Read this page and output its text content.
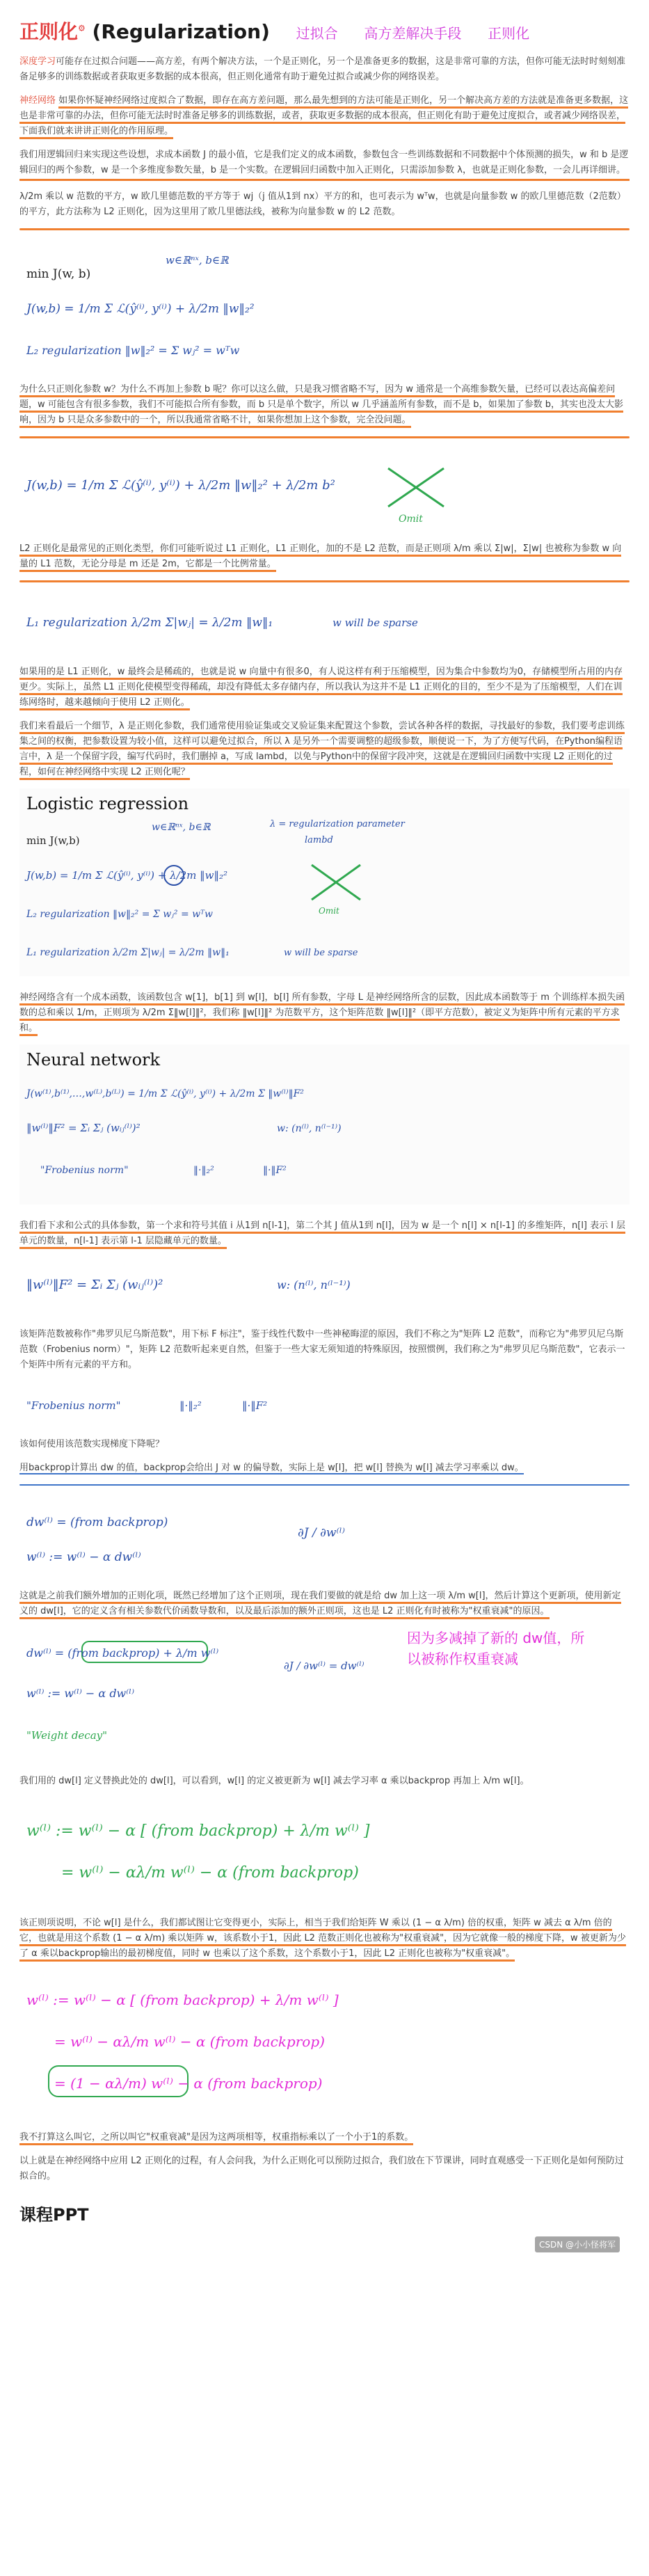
正则化⚙ (Regularization) 过拟合 高方差解决手段 正则化

深度学习可能存在过拟合问题——高方差，有两个解决方法，一个是正则化，另一个是准备更多的数据，这是非常可靠的方法，但你可能无法时时刻刻准备足够多的训练数据或者获取更多数据的成本很高，但正则化通常有助于避免过拟合或减少你的网络误差。

神经网络 如果你怀疑神经网络过度拟合了数据，即存在高方差问题，那么最先想到的方法可能是正则化，另一个解决高方差的方法就是准备更多数据，这也是非常可靠的办法，但你可能无法时时准备足够多的训练数据，或者，获取更多数据的成本很高，但正则化有助于避免过度拟合，或者减少网络误差，下面我们就来讲讲正则化的作用原理。

我们用逻辑回归来实现这些设想，求成本函数 J 的最小值，它是我们定义的成本函数，参数包含一些训练数据和不同数据中个体预测的损失，w 和 b 是逻辑回归的两个参数，w 是一个多维度参数矢量，b 是一个实数。在逻辑回归函数中加入正则化，只需添加参数 λ，也就是正则化参数，一会儿再详细讲。

λ/2m 乘以 w 范数的平方，w 欧几里德范数的平方等于 wj（j 值从1到 nx）平方的和，也可表示为 wᵀw，也就是向量参数 w 的欧几里德范数（2范数）的平方，此方法称为 L2 正则化，因为这里用了欧几里德法线，被称为向量参数 w 的 L2 范数。

min J(w, b)
w∈ℝⁿˣ, b∈ℝ
J(w,b) = 1/m Σ ℒ(ŷ⁽ⁱ⁾, y⁽ⁱ⁾) + λ/2m ‖w‖₂²
L₂ regularization ‖w‖₂² = Σ wⱼ² = wᵀw

为什么只正则化参数 w？为什么不再加上参数 b 呢？你可以这么做，只是我习惯省略不写，因为 w 通常是一个高维参数矢量，已经可以表达高偏差问题，w 可能包含有很多参数，我们不可能拟合所有参数，而 b 只是单个数字，所以 w 几乎涵盖所有参数，而不是 b，如果加了参数 b，其实也没太大影响，因为 b 只是众多参数中的一个，所以我通常省略不计，如果你想加上这个参数，完全没问题。

J(w,b) = 1/m Σ ℒ(ŷ⁽ⁱ⁾, y⁽ⁱ⁾) + λ/2m ‖w‖₂² + λ/2m b²
Omit

L2 正则化是最常见的正则化类型，你们可能听说过 L1 正则化，L1 正则化，加的不是 L2 范数，而是正则项 λ/m 乘以 Σ|w|，Σ|w| 也被称为参数 w 向量的 L1 范数，无论分母是 m 还是 2m，它都是一个比例常量。

L₁ regularization λ/2m Σ|wⱼ| = λ/2m ‖w‖₁	w will be sparse

如果用的是 L1 正则化，w 最终会是稀疏的，也就是说 w 向量中有很多0，有人说这样有利于压缩模型，因为集合中参数均为0，存储模型所占用的内存更少。实际上，虽然 L1 正则化使模型变得稀疏，却没有降低太多存储内存，所以我认为这并不是 L1 正则化的目的，至少不是为了压缩模型，人们在训练网络时，越来越倾向于使用 L2 正则化。

我们来看最后一个细节，λ 是正则化参数，我们通常使用验证集或交叉验证集来配置这个参数，尝试各种各样的数据，寻找最好的参数，我们要考虑训练集之间的权衡，把参数设置为较小值，这样可以避免过拟合，所以 λ 是另外一个需要调整的超级参数，顺便说一下，为了方便写代码，在Python编程语言中，λ 是一个保留字段，编写代码时，我们删掉 a，写成 lambd，以免与Python中的保留字段冲突，这就是在逻辑回归函数中实现 L2 正则化的过程，如何在神经网络中实现 L2 正则化呢？

Logistic regression
min J(w,b)
w∈ℝⁿˣ, b∈ℝ	λ = regularization parameter
lambd
J(w,b) = 1/m Σ ℒ(ŷ⁽ⁱ⁾, y⁽ⁱ⁾) + λ/2m ‖w‖₂²
Omit
L₂ regularization ‖w‖₂² = Σ wⱼ² = wᵀw
L₁ regularization λ/2m Σ|wⱼ| = λ/2m ‖w‖₁	w will be sparse

神经网络含有一个成本函数，该函数包含 w[1]，b[1] 到 w[l]，b[l] 所有参数，字母 L 是神经网络所含的层数，因此成本函数等于 m 个训练样本损失函数的总和乘以 1/m，正则项为 λ/2m Σ‖w[l]‖²，我们称 ‖w[l]‖² 为范数平方，这个矩阵范数 ‖w[l]‖²（即平方范数），被定义为矩阵中所有元素的平方求和。

Neural network
J(w⁽¹⁾,b⁽¹⁾,…,w⁽ᴸ⁾,b⁽ᴸ⁾) = 1/m Σ ℒ(ŷ⁽ⁱ⁾, y⁽ⁱ⁾) + λ/2m Σ ‖w⁽ˡ⁾‖F²
‖w⁽ˡ⁾‖F² = Σᵢ Σⱼ (wᵢⱼ⁽ˡ⁾)²	w: (n⁽ˡ⁾, n⁽ˡ⁻¹⁾)
"Frobenius norm"	‖·‖₂²	‖·‖F²

我们看下求和公式的具体参数，第一个求和符号其值 i 从1到 n[l-1]，第二个其 J 值从1到 n[l]，因为 w 是一个 n[l] × n[l-1] 的多维矩阵，n[l] 表示 l 层单元的数量，n[l-1] 表示第 l-1 层隐藏单元的数量。

‖w⁽ˡ⁾‖F² = Σᵢ Σⱼ (wᵢⱼ⁽ˡ⁾)²	w: (n⁽ˡ⁾, n⁽ˡ⁻¹⁾)

该矩阵范数被称作"弗罗贝尼乌斯范数"，用下标 F 标注"，鉴于线性代数中一些神秘晦涩的原因，我们不称之为"矩阵 L2 范数"，而称它为"弗罗贝尼乌斯范数（Frobenius norm）"，矩阵 L2 范数听起来更自然，但鉴于一些大家无须知道的特殊原因，按照惯例，我们称之为"弗罗贝尼乌斯范数"，它表示一个矩阵中所有元素的平方和。

"Frobenius norm"	‖·‖₂²	‖·‖F²

该如何使用该范数实现梯度下降呢？

用backprop计算出 dw 的值，backprop会给出 J 对 w 的偏导数，实际上是 w[l]，把 w[l] 替换为 w[l] 减去学习率乘以 dw。

dw⁽ˡ⁾ = (from backprop)
w⁽ˡ⁾ := w⁽ˡ⁾ − α dw⁽ˡ⁾
∂J / ∂w⁽ˡ⁾

这就是之前我们额外增加的正则化项，既然已经增加了这个正则项，现在我们要做的就是给 dw 加上这一项 λ/m w[l]，然后计算这个更新项，使用新定义的 dw[l]，它的定义含有相关参数代价函数导数和，以及最后添加的额外正则项，这也是 L2 正则化有时被称为"权重衰减"的原因。

因为多减掉了新的 dw值，所以被称作权重衰减
dw⁽ˡ⁾ = (from backprop) + λ/m w⁽ˡ⁾
∂J / ∂w⁽ˡ⁾ = dw⁽ˡ⁾
w⁽ˡ⁾ := w⁽ˡ⁾ − α dw⁽ˡ⁾
"Weight decay"

我们用的 dw[l] 定义替换此处的 dw[l]，可以看到，w[l] 的定义被更新为 w[l] 减去学习率 α 乘以backprop 再加上 λ/m w[l]。

w⁽ˡ⁾ := w⁽ˡ⁾ − α [ (from backprop) + λ/m w⁽ˡ⁾ ]
= w⁽ˡ⁾ − αλ/m w⁽ˡ⁾ − α (from backprop)

该正则项说明，不论 w[l] 是什么，我们都试图让它变得更小，实际上，相当于我们给矩阵 W 乘以 (1 − α λ/m) 倍的权重，矩阵 w 减去 α λ/m 倍的它，也就是用这个系数 (1 − α λ/m) 乘以矩阵 w，该系数小于1，因此 L2 范数正则化也被称为"权重衰减"，因为它就像一般的梯度下降，w 被更新为少了 α 乘以backprop输出的最初梯度值，同时 w 也乘以了这个系数，这个系数小于1，因此 L2 正则化也被称为"权重衰减"。

w⁽ˡ⁾ := w⁽ˡ⁾ − α [ (from backprop) + λ/m w⁽ˡ⁾ ]
= w⁽ˡ⁾ − αλ/m w⁽ˡ⁾ − α (from backprop)
= (1 − αλ/m) w⁽ˡ⁾ − α (from backprop)

我不打算这么叫它，之所以叫它"权重衰减"是因为这两项相等，权重指标乘以了一个小于1的系数。

以上就是在神经网络中应用 L2 正则化的过程，有人会问我，为什么正则化可以预防过拟合，我们放在下节课讲，同时直观感受一下正则化是如何预防过拟合的。

课程PPT
CSDN @小小怪将军
